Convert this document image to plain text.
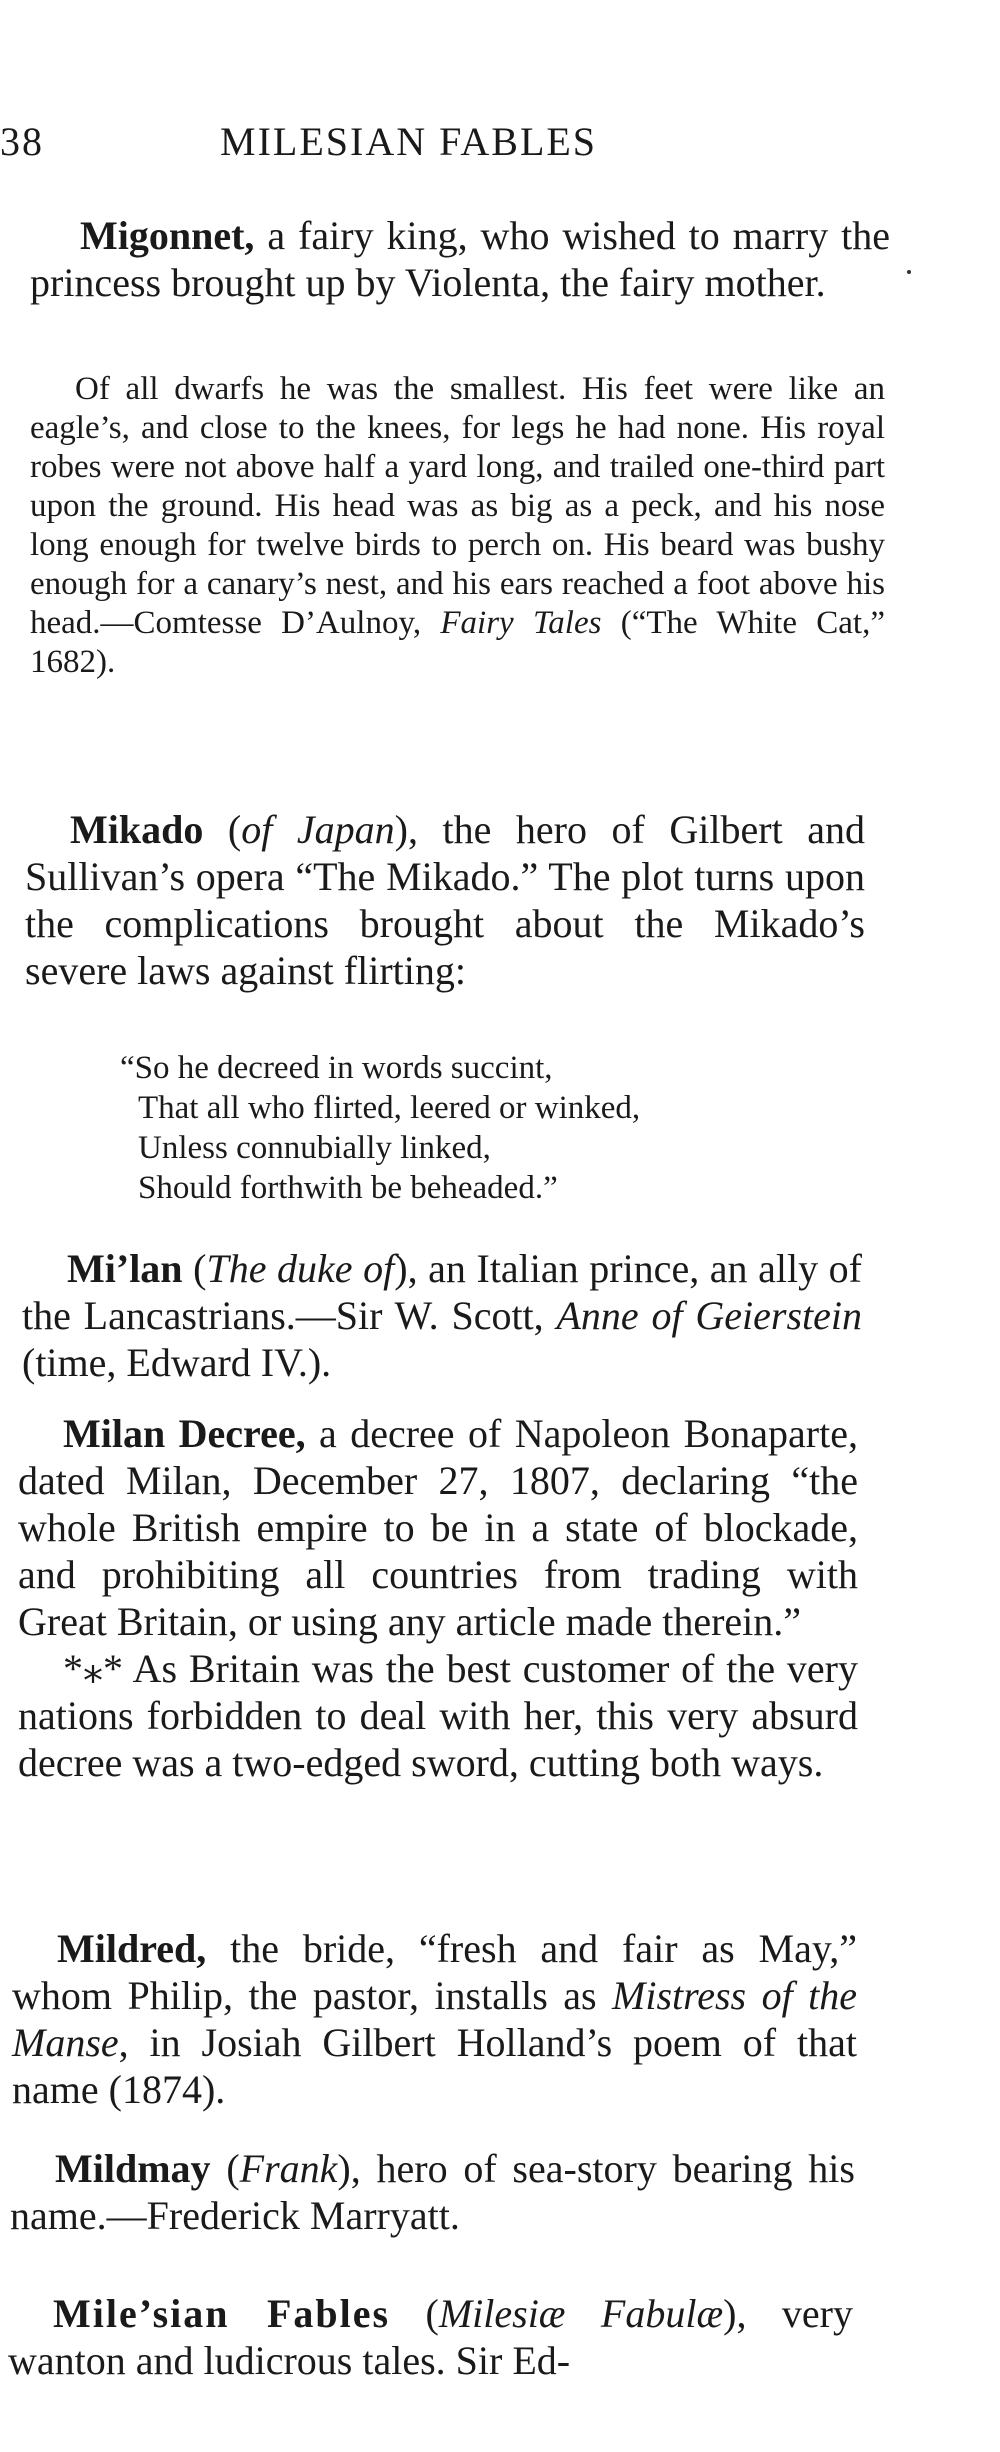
38	MILESIAN FABLES

Migonnet, a fairy king, who wished to marry the princess brought up by Violenta, the fairy mother.

Of all dwarfs he was the smallest. His feet were like an eagle’s, and close to the knees, for legs he had none. His royal robes were not above half a yard long, and trailed one-third part upon the ground. His head was as big as a peck, and his nose long enough for twelve birds to perch on. His beard was bushy enough for a canary’s nest, and his ears reached a foot above his head.—Comtesse D’Aulnoy, Fairy Tales (“The White Cat,” 1682).

Mikado (of Japan), the hero of Gilbert and Sullivan’s opera “The Mikado.” The plot turns upon the complications brought about the Mikado’s severe laws against flirting:

“So he decreed in words succint,
That all who flirted, leered or winked,
Unless connubially linked,
Should forthwith be beheaded.”

Mi’lan (The duke of), an Italian prince, an ally of the Lancastrians.—Sir W. Scott, Anne of Geierstein (time, Edward IV.).

Milan Decree, a decree of Napoleon Bonaparte, dated Milan, December 27, 1807, declaring “the whole British empire to be in a state of blockade, and prohibiting all countries from trading with Great Britain, or using any article made therein.”

*⁎* As Britain was the best customer of the very nations forbidden to deal with her, this very absurd decree was a two-edged sword, cutting both ways.

Mildred, the bride, “fresh and fair as May,” whom Philip, the pastor, installs as Mistress of the Manse, in Josiah Gilbert Holland’s poem of that name (1874).

Mildmay (Frank), hero of sea-story bearing his name.—Frederick Marryatt.

Mile’sian Fables (Milesiæ Fabulæ), very wanton and ludicrous tales. Sir Ed-
